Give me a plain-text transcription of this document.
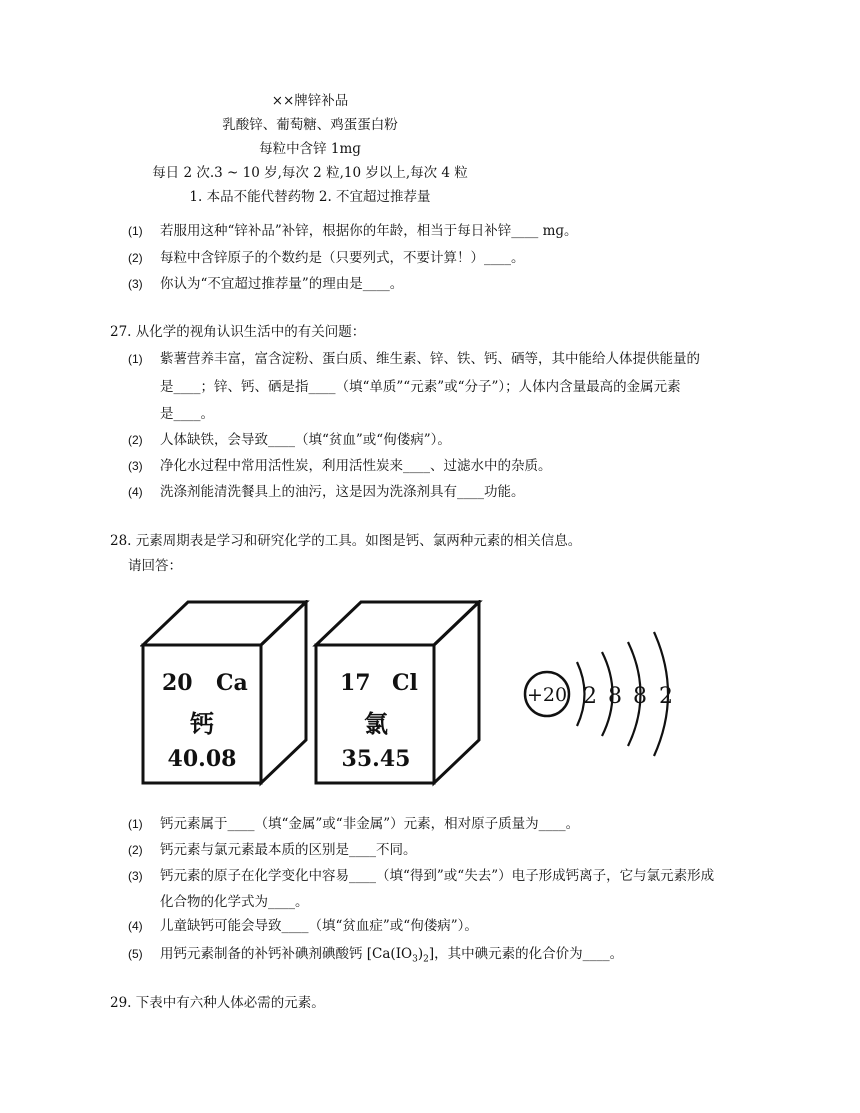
××牌锌补品
乳酸锌、葡萄糖、鸡蛋蛋白粉
每粒中含锌 1mɡ
每日 2 次.3 ~ 10 岁,每次 2 粒,10 岁以上,每次 4 粒
1. 本品不能代替药物 2. 不宜超过推荐量
(1) 若服用这种“锌补品”补锌，根据你的年龄，相当于每日补锌____ mɡ。
(2) 每粒中含锌原子的个数约是（只要列式，不要计算！）____。
(3) 你认为“不宜超过推荐量”的理由是____。
27. 从化学的视角认识生活中的有关问题：
(1) 紫薯营养丰富，富含淀粉、蛋白质、维生素、锌、铁、钙、硒等，其中能给人体提供能量的
是____；锌、钙、硒是指____（填“单质”“元素”或“分子”）；人体内含量最高的金属元素
是____。
(2) 人体缺铁，会导致____（填“贫血”或“佝偻病”）。
(3) 净化水过程中常用活性炭，利用活性炭来____、过滤水中的杂质。
(4) 洗涤剂能清洗餐具上的油污，这是因为洗涤剂具有____功能。
28. 元素周期表是学习和研究化学的工具。如图是钙、氯两种元素的相关信息。
请回答：
20 Ca
钙
40.08
17 Cl
氯
35.45
+20 2 8 8 2
(1) 钙元素属于____（填“金属”或“非金属”）元素，相对原子质量为____。
(2) 钙元素与氯元素最本质的区别是____不同。
(3) 钙元素的原子在化学变化中容易____（填“得到”或“失去”）电子形成钙离子，它与氯元素形成
化合物的化学式为____。
(4) 儿童缺钙可能会导致____（填“贫血症”或“佝偻病”）。
(5) 用钙元素制备的补钙补碘剂碘酸钙 $[Ca(IO_3)_2]$，其中碘元素的化合价为____。
29. 下表中有六种人体必需的元素。
